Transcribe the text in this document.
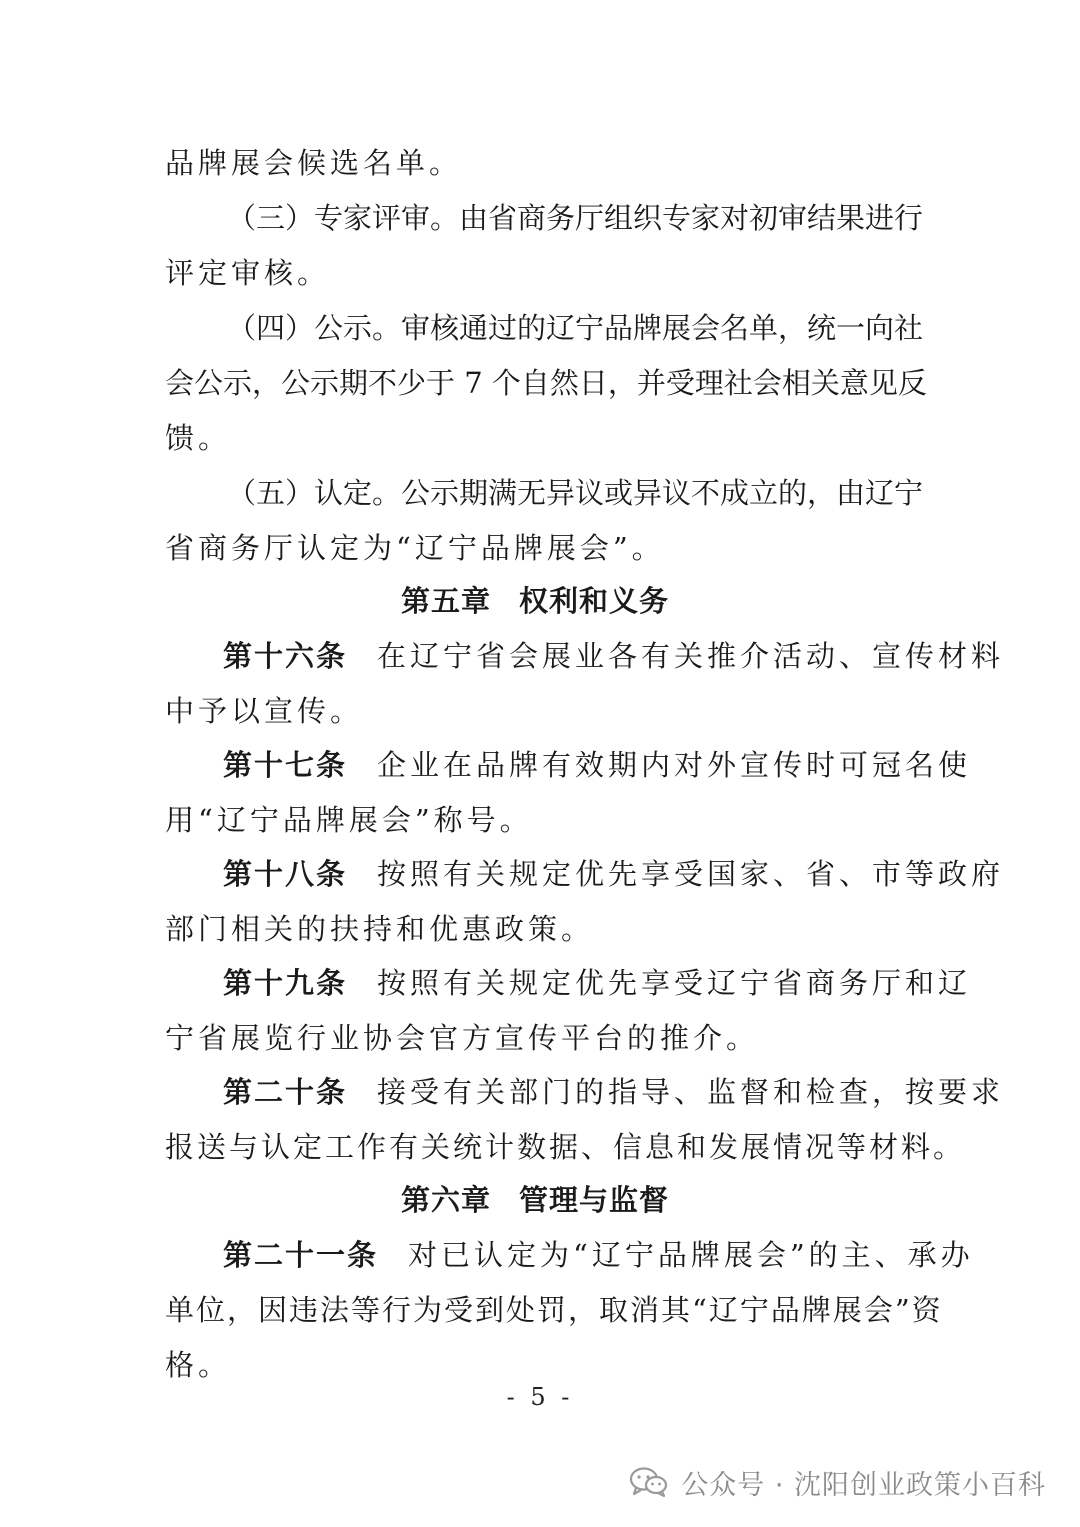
品牌展会候选名单。
（三）专家评审。由省商务厅组织专家对初审结果进行
评定审核。
（四）公示。审核通过的辽宁品牌展会名单，统一向社
会公示，公示期不少于 7 个自然日，并受理社会相关意见反
馈。
（五）认定。公示期满无异议或异议不成立的，由辽宁
省商务厅认定为“辽宁品牌展会”。
第五章 权利和义务
第十六条 在辽宁省会展业各有关推介活动、宣传材料
中予以宣传。
第十七条 企业在品牌有效期内对外宣传时可冠名使
用“辽宁品牌展会”称号。
第十八条 按照有关规定优先享受国家、省、市等政府
部门相关的扶持和优惠政策。
第十九条 按照有关规定优先享受辽宁省商务厅和辽
宁省展览行业协会官方宣传平台的推介。
第二十条 接受有关部门的指导、监督和检查，按要求
报送与认定工作有关统计数据、信息和发展情况等材料。
第六章 管理与监督
第二十一条 对已认定为“辽宁品牌展会”的主、承办
单位，因违法等行为受到处罚，取消其“辽宁品牌展会”资
格。
- 5 -
公众号 · 沈阳创业政策小百科
